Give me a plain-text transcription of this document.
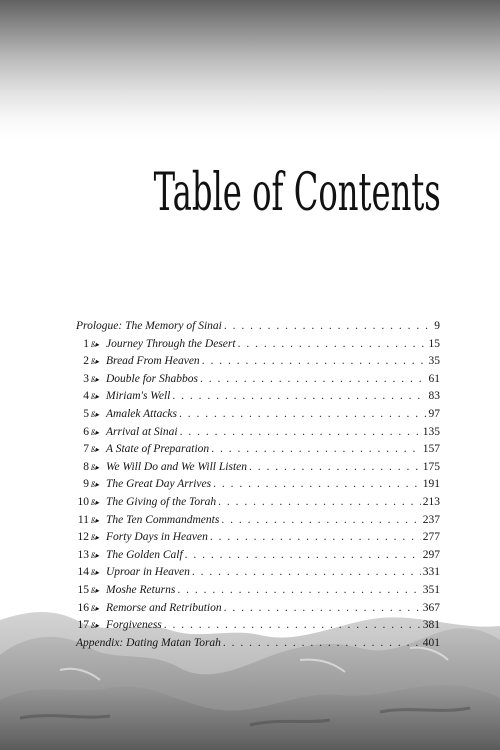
Table of Contents
Prologue: The Memory of Sinai . . .	9
1 ß▸ Journey Through the Desert . . .	15
2 ß▸ Bread From Heaven . . .	35
3 ß▸ Double for Shabbos . . .	61
4 ß▸ Miriam's Well . . .	83
5 ß▸ Amalek Attacks . . .	97
6 ß▸ Arrival at Sinai . . .	135
7 ß▸ A State of Preparation . . .	157
8 ß▸ We Will Do and We Will Listen . . .	175
9 ß▸ The Great Day Arrives . . .	191
10 ß▸ The Giving of the Torah . . .	213
11 ß▸ The Ten Commandments . . .	237
12 ß▸ Forty Days in Heaven . . .	277
13 ß▸ The Golden Calf . . .	297
14 ß▸ Uproar in Heaven . . .	331
15 ß▸ Moshe Returns . . .	351
16 ß▸ Remorse and Retribution . . .	367
17 ß▸ Forgiveness . . .	381
Appendix: Dating Matan Torah . . .	401
